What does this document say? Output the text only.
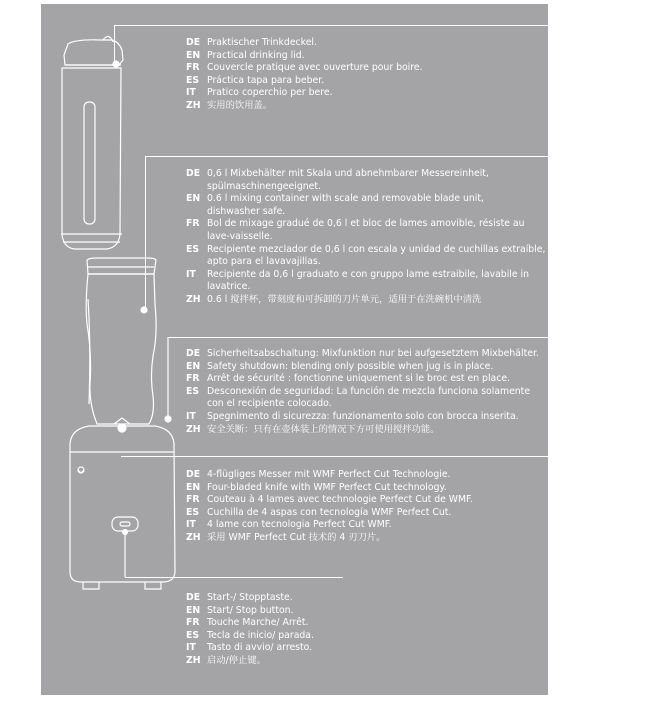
DE Praktischer Trinkdeckel.
EN Practical drinking lid.
FR Couvercle pratique avec ouverture pour boire.
ES Práctica tapa para beber.
IT	Pratico coperchio per bere.
ZH 实用的饮用盖。
DE 0,6 l Mixbehälter mit Skala und abnehmbarer Messereinheit,
spülmaschinengeeignet.
EN 0.6 l mixing container with scale and removable blade unit,
dishwasher safe.
FR Bol de mixage gradué de 0,6 l et bloc de lames amovible, résiste au
lave-vaisselle.
ES Recipiente mezclador de 0,6 l con escala y unidad de cuchillas extraíble,
apto para el lavavajillas.
IT	Recipiente da 0,6 l graduato e con gruppo lame estraibile, lavabile in
lavatrice.
ZH 0.6 l 搅拌杯，带刻度和可拆卸的刀片单元，适用于在洗碗机中清洗
DE Sicherheitsabschaltung: Mixfunktion nur bei aufgesetztem Mixbehälter.
EN Safety shutdown: blending only possible when jug is in place.
FR Arrêt de sécurité : fonctionne uniquement si le broc est en place.
ES Desconexión de seguridad: La función de mezcla funciona solamente
con el recipiente colocado.
IT	Spegnimento di sicurezza: funzionamento solo con brocca inserita.
ZH 安全关断：只有在壶体装上的情况下方可使用搅拌功能。
DE 4-flügliges Messer mit WMF Perfect Cut Technologie.
EN Four-bladed knife with WMF Perfect Cut technology.
FR Couteau à 4 lames avec technologie Perfect Cut de WMF.
ES Cuchilla de 4 aspas con tecnología WMF Perfect Cut.
IT	4 lame con tecnologia Perfect Cut WMF.
ZH 采用 WMF Perfect Cut 技术的 4 刃刀片。
DE Start-/ Stopptaste.
EN Start/ Stop button.
FR Touche Marche/ Arrêt.
ES Tecla de inicio/ parada.
IT	Tasto di avvio/ arresto.
ZH 启动/停止键。
